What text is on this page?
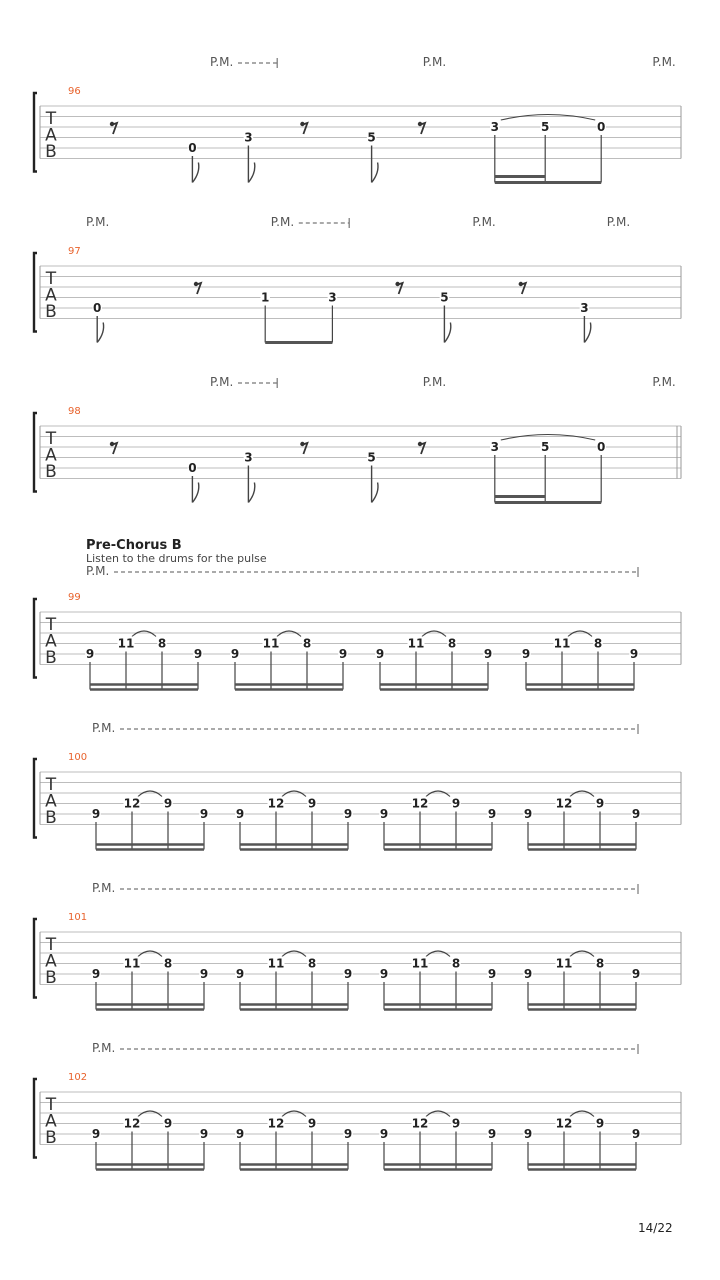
T
A
B
96
P.M.	P.M.	P.M.
0
3	5
3	5	0
T
A
B
97
P.M.	P.M.	P.M.	P.M.
0
5
3
1	3
T
A
B
98
P.M.	P.M.	P.M.
0
3	5
3	5	0
T
A
B
99
Pre-Chorus B
Listen to the drums for the pulse
P.M.
9
11 8
9 9
11 8
9 9
11 8
9 9
11 8
9
T
A
B
100
P.M.
9
12 9
9 9
12 9
9 9
12 9
9 9
12 9
9
T
A
B
101
P.M.
9
11 8
9 9
11 8
9 9
11 8
9 9
11 8
9
T
A
B
102
P.M.
9
12 9
9 9
12 9
9 9
12 9
9 9
12 9
9
14/22
